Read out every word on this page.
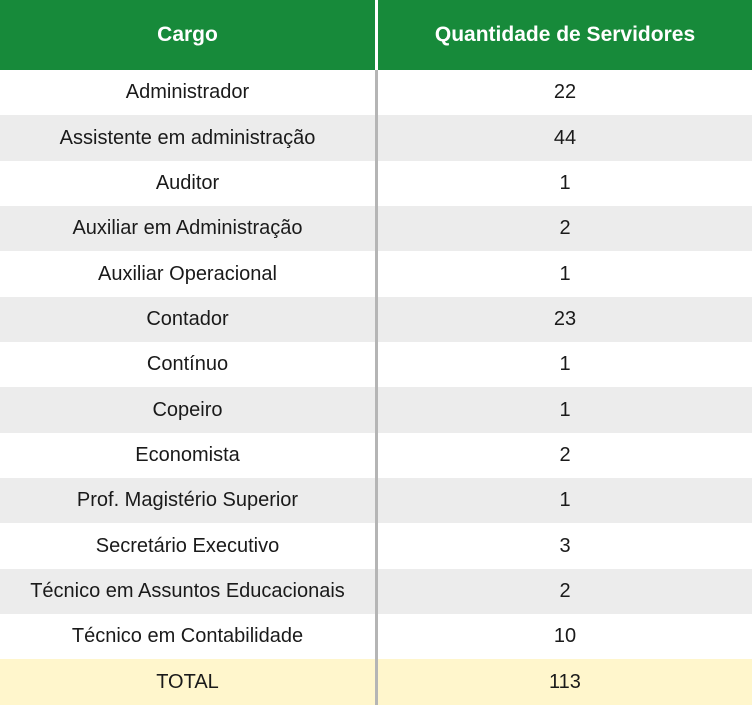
Cargo	Quantidade de Servidores
Administrador	22
Assistente em administração	44
Auditor	1
Auxiliar em Administração	2
Auxiliar Operacional	1
Contador	23
Contínuo	1
Copeiro	1
Economista	2
Prof. Magistério Superior	1
Secretário Executivo	3
Técnico em Assuntos Educacionais	2
Técnico em Contabilidade	10
TOTAL	113
